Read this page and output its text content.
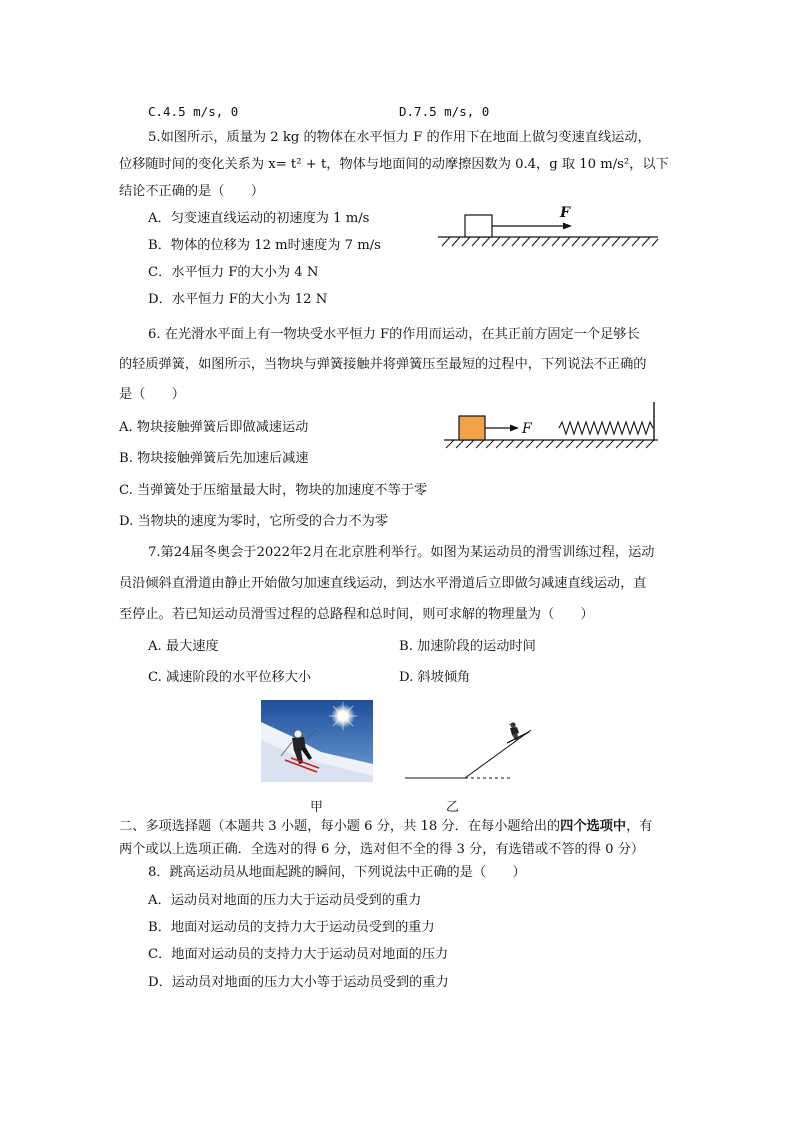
C.4.5 m/s, 0	D.7.5 m/s, 0
5.如图所示，质量为 2 kg 的物体在水平恒力 F 的作用下在地面上做匀变速直线运动，
位移随时间的变化关系为 x= t² + t，物体与地面间的动摩擦因数为 0.4，g 取 10 m/s²，以下
结论不正确的是（　　）
A．匀变速直线运动的初速度为 1 m/s
B．物体的位移为 12 m时速度为 7 m/s
C．水平恒力 F的大小为 4 N
D．水平恒力 F的大小为 12 N
F
6. 在光滑水平面上有一物块受水平恒力 F的作用而运动，在其正前方固定一个足够长
的轻质弹簧，如图所示，当物块与弹簧接触并将弹簧压至最短的过程中，下列说法不正确的
是（　　）
A. 物块接触弹簧后即做减速运动
B. 物块接触弹簧后先加速后减速
C. 当弹簧处于压缩量最大时，物块的加速度不等于零
D. 当物块的速度为零时，它所受的合力不为零
F
7.第24届冬奥会于2022年2月在北京胜利举行。如图为某运动员的滑雪训练过程，运动
员沿倾斜直滑道由静止开始做匀加速直线运动，到达水平滑道后立即做匀减速直线运动，直
至停止。若已知运动员滑雪过程的总路程和总时间，则可求解的物理量为（　　）
A. 最大速度	B. 加速阶段的运动时间
C. 减速阶段的水平位移大小	D. 斜坡倾角
甲	乙
二、多项选择题（本题共 3 小题，每小题 6 分，共 18 分．在每小题给出的四个选项中，有
两个或以上选项正确．全选对的得 6 分，选对但不全的得 3 分，有选错或不答的得 0 分）
8．跳高运动员从地面起跳的瞬间，下列说法中正确的是（　　）
A．运动员对地面的压力大于运动员受到的重力
B．地面对运动员的支持力大于运动员受到的重力
C．地面对运动员的支持力大于运动员对地面的压力
D．运动员对地面的压力大小等于运动员受到的重力
